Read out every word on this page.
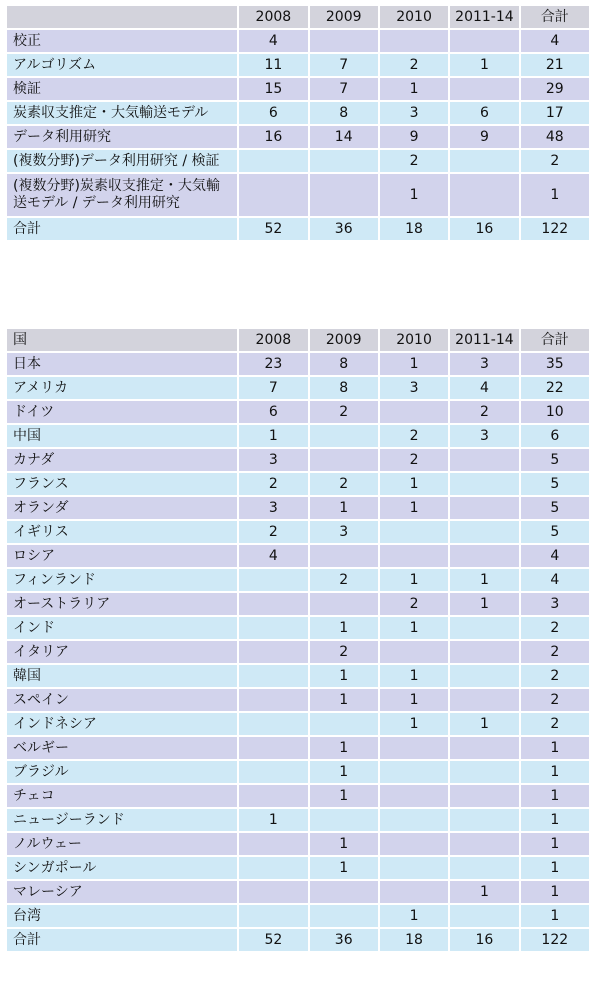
	2008	2009	2010	2011-14	合計
校正	4				4
アルゴリズム	11	7	2	1	21
検証	15	7	1		29
炭素収支推定・大気輸送モデル	6	8	3	6	17
データ利用研究	16	14	9	9	48
(複数分野)データ利用研究 / 検証			2		2
(複数分野)炭素収支推定・大気輸送モデル / データ利用研究			1		1
合計	52	36	18	16	122
国	2008	2009	2010	2011-14	合計
日本	23	8	1	3	35
アメリカ	7	8	3	4	22
ドイツ	6	2		2	10
中国	1		2	3	6
カナダ	3		2		5
フランス	2	2	1		5
オランダ	3	1	1		5
イギリス	2	3			5
ロシア	4				4
フィンランド		2	1	1	4
オーストラリア			2	1	3
インド		1	1		2
イタリア		2			2
韓国		1	1		2
スペイン		1	1		2
インドネシア			1	1	2
ベルギー		1			1
ブラジル		1			1
チェコ		1			1
ニュージーランド	1				1
ノルウェー		1			1
シンガポール		1			1
マレーシア				1	1
台湾			1		1
合計	52	36	18	16	122
